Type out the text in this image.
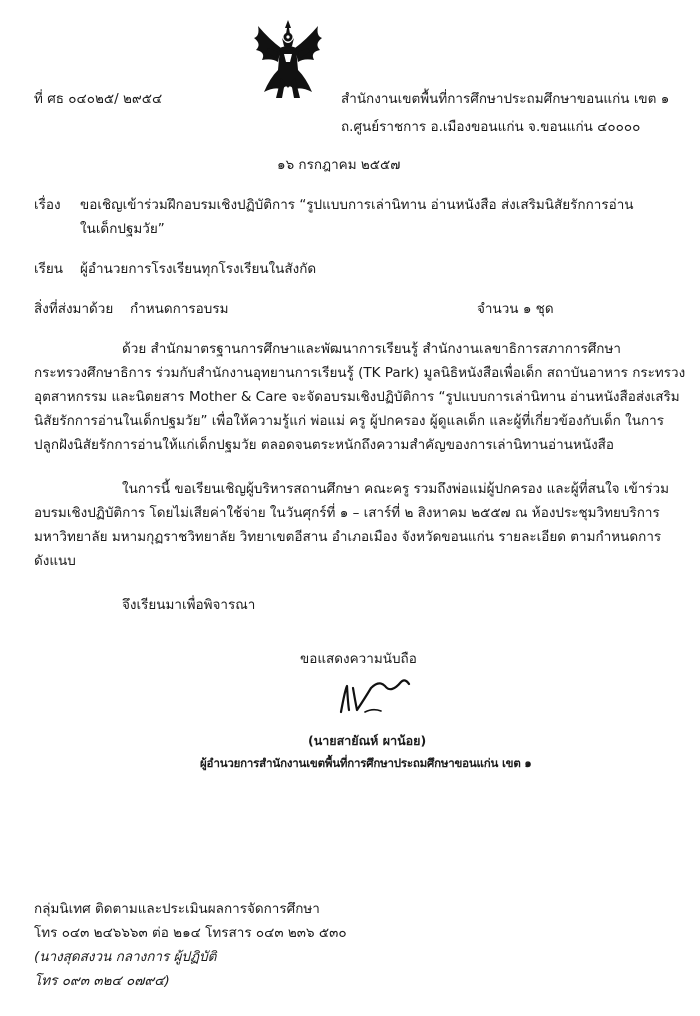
ที่ ศธ ๐๔๐๒๕/ ๒๙๕๔	สำนักงานเขตพื้นที่การศึกษาประถมศึกษาขอนแก่น เขต ๑
ถ.ศูนย์ราชการ อ.เมืองขอนแก่น จ.ขอนแก่น ๔๐๐๐๐
๑๖ กรกฎาคม ๒๕๕๗
เรื่อง ขอเชิญเข้าร่วมฝึกอบรมเชิงปฏิบัติการ “รูปแบบการเล่านิทาน อ่านหนังสือ ส่งเสริมนิสัยรักการอ่าน
ในเด็กปฐมวัย”
เรียน ผู้อำนวยการโรงเรียนทุกโรงเรียนในสังกัด
สิ่งที่ส่งมาด้วย กำหนดการอบรม	จำนวน ๑ ชุด
ด้วย สำนักมาตรฐานการศึกษาและพัฒนาการเรียนรู้ สำนักงานเลขาธิการสภาการศึกษา
กระทรวงศึกษาธิการ ร่วมกับสำนักงานอุทยานการเรียนรู้ (TK Park) มูลนิธิหนังสือเพื่อเด็ก สถาบันอาหาร กระทรวง
อุตสาหกรรม และนิตยสาร Mother & Care จะจัดอบรมเชิงปฏิบัติการ “รูปแบบการเล่านิทาน อ่านหนังสือส่งเสริม
นิสัยรักการอ่านในเด็กปฐมวัย” เพื่อให้ความรู้แก่ พ่อแม่ ครู ผู้ปกครอง ผู้ดูแลเด็ก และผู้ที่เกี่ยวข้องกับเด็ก ในการ
ปลูกฝังนิสัยรักการอ่านให้แก่เด็กปฐมวัย ตลอดจนตระหนักถึงความสำคัญของการเล่านิทานอ่านหนังสือ
ในการนี้ ขอเรียนเชิญผู้บริหารสถานศึกษา คณะครู รวมถึงพ่อแม่ผู้ปกครอง และผู้ที่สนใจ เข้าร่วม
อบรมเชิงปฏิบัติการ โดยไม่เสียค่าใช้จ่าย ในวันศุกร์ที่ ๑ – เสาร์ที่ ๒ สิงหาคม ๒๕๕๗ ณ ห้องประชุมวิทยบริการ
มหาวิทยาลัย มหามกุฏราชวิทยาลัย วิทยาเขตอีสาน อำเภอเมือง จังหวัดขอนแก่น รายละเอียด ตามกำหนดการ
ดังแนบ
จึงเรียนมาเพื่อพิจารณา
ขอแสดงความนับถือ
(นายสายัณห์ ผาน้อย)
ผู้อำนวยการสำนักงานเขตพื้นที่การศึกษาประถมศึกษาขอนแก่น เขต ๑
กลุ่มนิเทศ ติดตามและประเมินผลการจัดการศึกษา
โทร ๐๔๓ ๒๔๖๖๖๓ ต่อ ๒๑๔ โทรสาร ๐๔๓ ๒๓๖ ๕๓๐
(นางสุดสงวน กลางการ ผู้ปฏิบัติ
โทร ๐๙๓ ๓๒๔ ๐๗๙๔)
